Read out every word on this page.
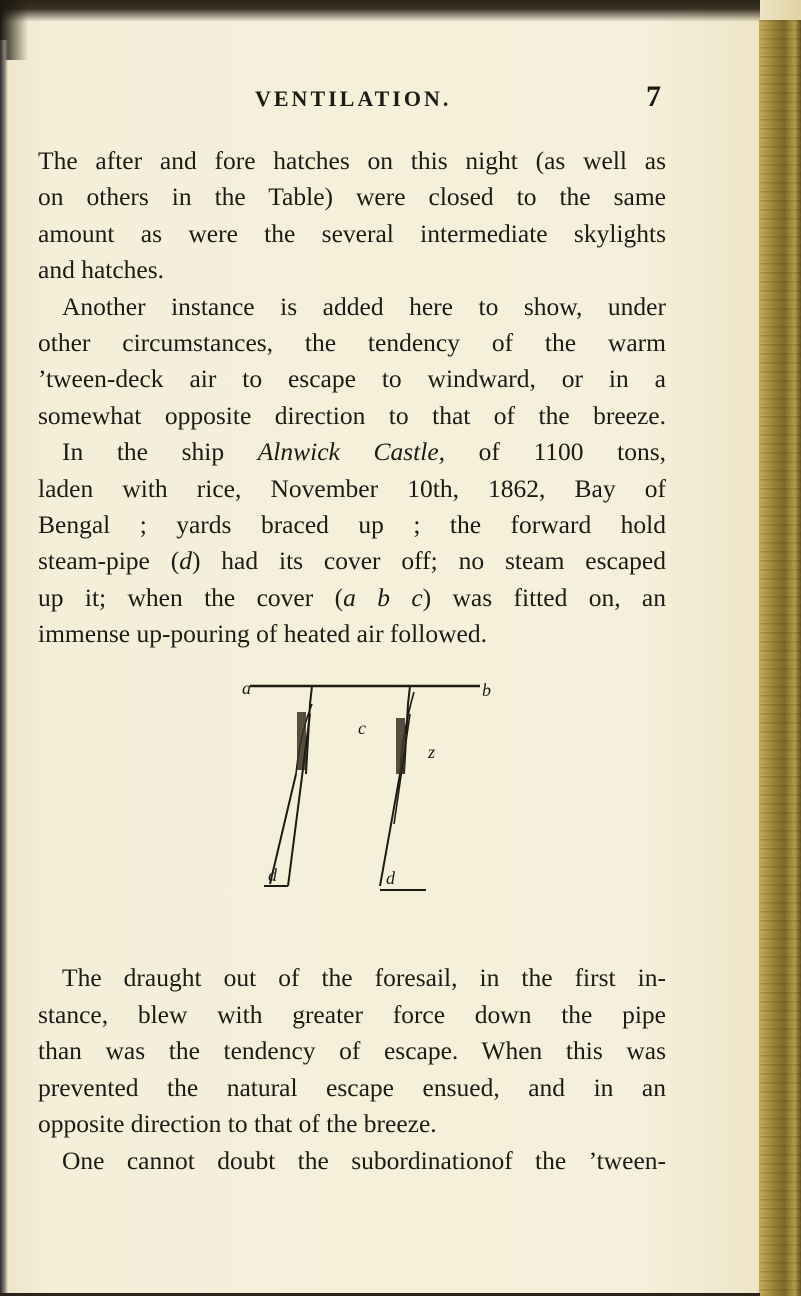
VENTILATION.	7
The after and fore hatches on this night (as well as
on others in the Table) were closed to the same
amount as were the several intermediate skylights
and hatches.
Another instance is added here to show, under
other circumstances, the tendency of the warm
’tween-deck air to escape to windward, or in a
somewhat opposite direction to that of the breeze.
In the ship Alnwick Castle, of 1100 tons,
laden with rice, November 10th, 1862, Bay of
Bengal ; yards braced up ; the forward hold
steam-pipe (d) had its cover off; no steam escaped
up it; when the cover (a b c) was fitted on, an
immense up-pouring of heated air followed.
a	b
c
z
d	d
The draught out of the foresail, in the first in-
stance, blew with greater force down the pipe
than was the tendency of escape. When this was
prevented the natural escape ensued, and in an
opposite direction to that of the breeze.
One cannot doubt the subordinationof the ’tween-
